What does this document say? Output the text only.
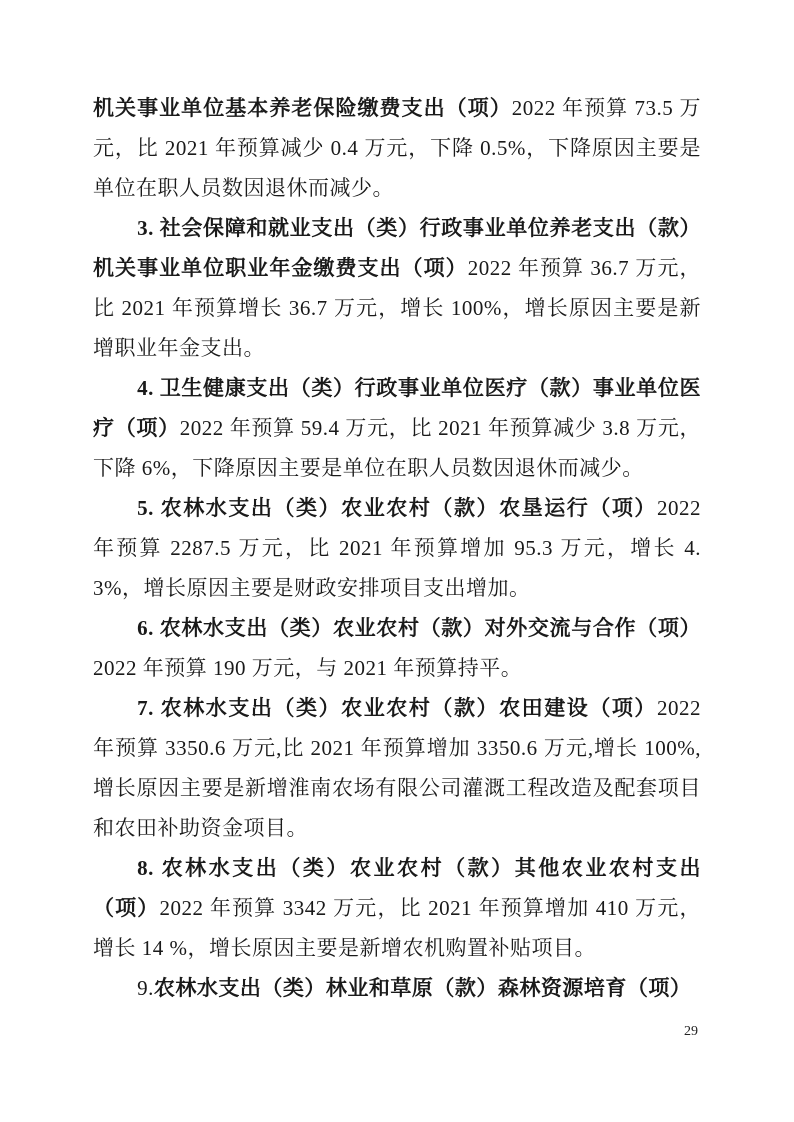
机关事业单位基本养老保险缴费支出（项）2022 年预算 73.5 万元，比 2021 年预算减少 0.4 万元，下降 0.5%，下降原因主要是单位在职人员数因退休而减少。

3. 社会保障和就业支出（类）行政事业单位养老支出（款）机关事业单位职业年金缴费支出（项）2022 年预算 36.7 万元，比 2021 年预算增长 36.7 万元，增长 100%，增长原因主要是新增职业年金支出。

4. 卫生健康支出（类）行政事业单位医疗（款）事业单位医疗（项）2022 年预算 59.4 万元，比 2021 年预算减少 3.8 万元，下降 6%，下降原因主要是单位在职人员数因退休而减少。

5. 农林水支出（类）农业农村（款）农垦运行（项）2022 年预算 2287.5 万元，比 2021 年预算增加 95.3 万元，增长 4.3%，增长原因主要是财政安排项目支出增加。

6. 农林水支出（类）农业农村（款）对外交流与合作（项）2022 年预算 190 万元，与 2021 年预算持平。

7. 农林水支出（类）农业农村（款）农田建设（项）2022 年预算 3350.6 万元,比 2021 年预算增加 3350.6 万元,增长 100%,增长原因主要是新增淮南农场有限公司灌溉工程改造及配套项目和农田补助资金项目。

8. 农林水支出（类）农业农村（款）其他农业农村支出（项）2022 年预算 3342 万元，比 2021 年预算增加 410 万元，增长 14 %，增长原因主要是新增农机购置补贴项目。

9.农林水支出（类）林业和草原（款）森林资源培育（项）

29
